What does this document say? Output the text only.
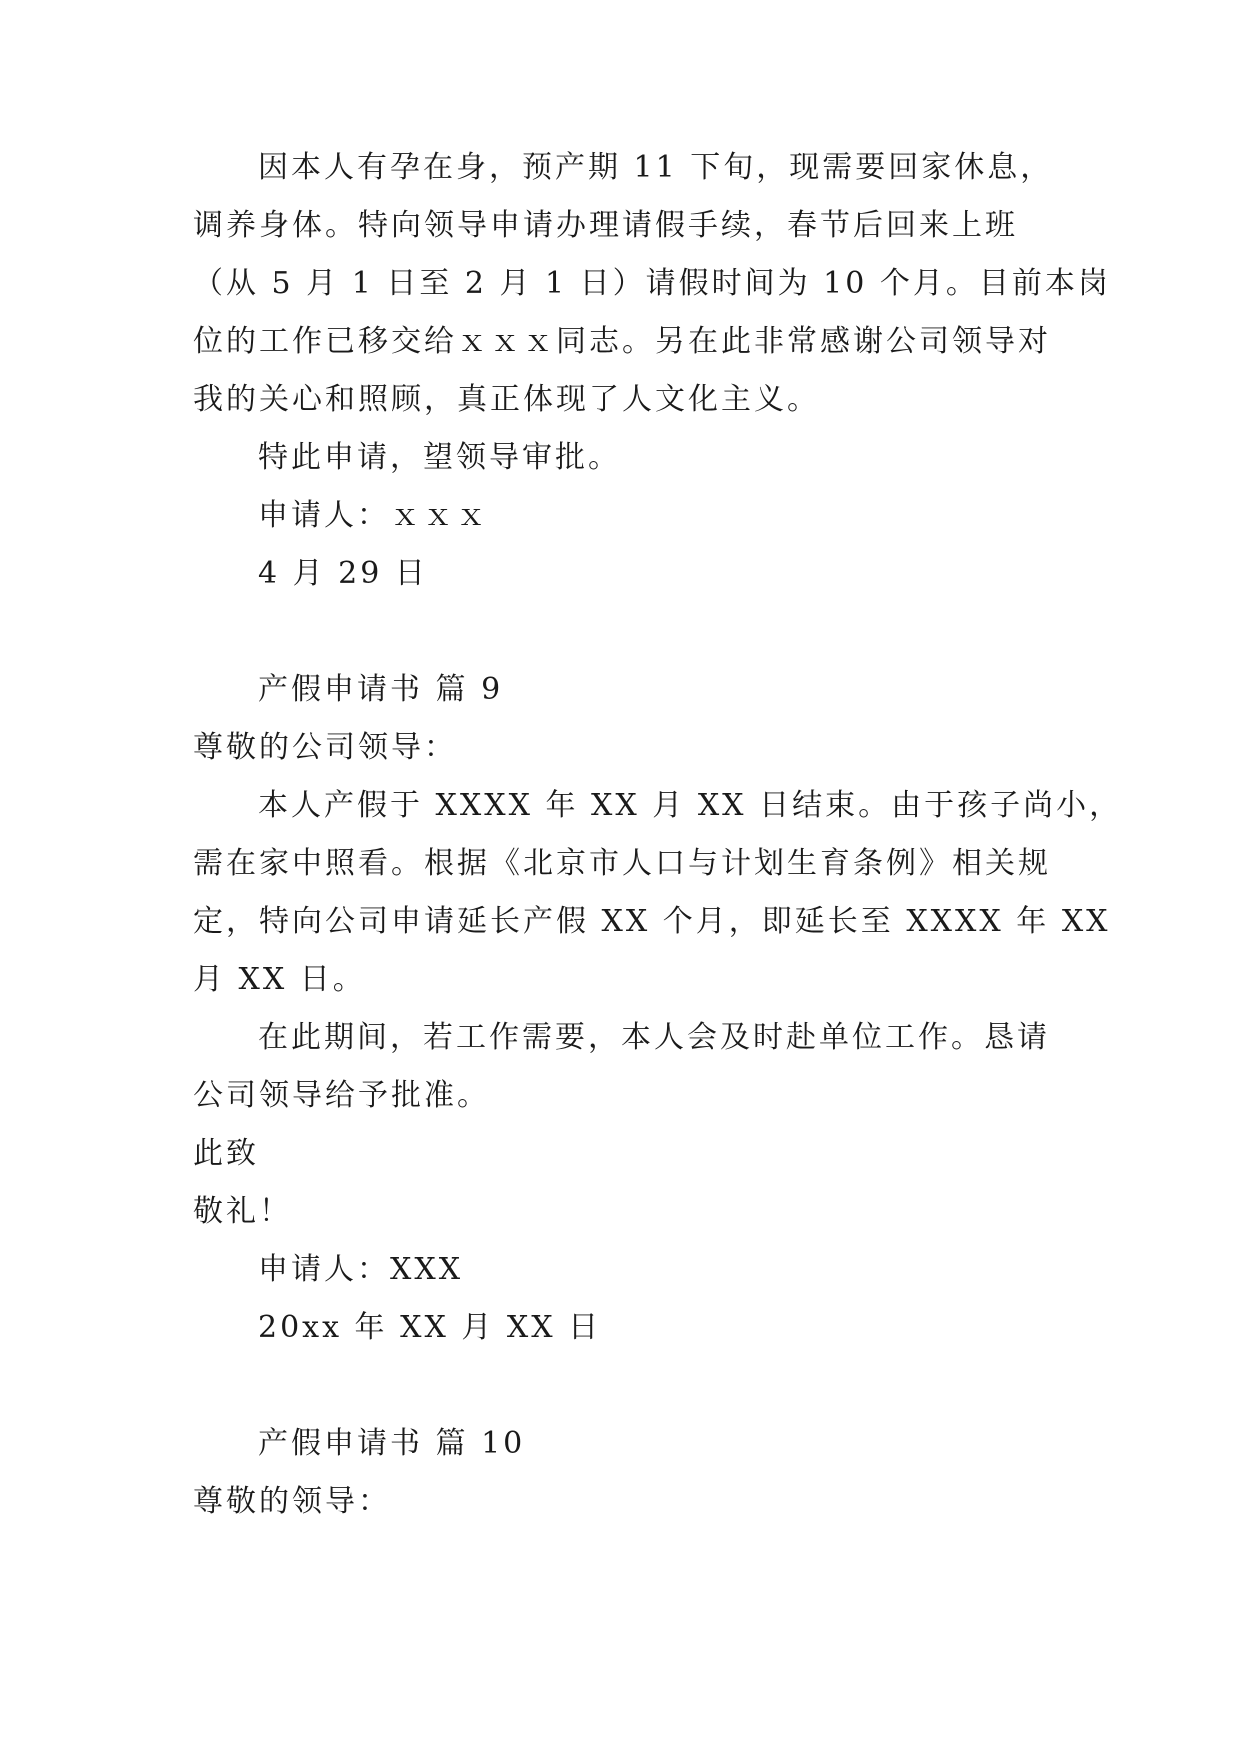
因本人有孕在身，预产期 11 下旬，现需要回家休息，
调养身体。特向领导申请办理请假手续，春节后回来上班
（从 5 月 1 日至 2 月 1 日）请假时间为 10 个月。目前本岗
位的工作已移交给ｘｘｘ同志。另在此非常感谢公司领导对
我的关心和照顾，真正体现了人文化主义。
特此申请，望领导审批。
申请人：ｘｘｘ
4 月 29 日
产假申请书 篇 9
尊敬的公司领导：
本人产假于 XXXX 年 XX 月 XX 日结束。由于孩子尚小，
需在家中照看。根据《北京市人口与计划生育条例》相关规
定，特向公司申请延长产假 XX 个月，即延长至 XXXX 年 XX
月 XX 日。
在此期间，若工作需要，本人会及时赴单位工作。恳请
公司领导给予批准。
此致
敬礼！
申请人：XXX
20xx 年 XX 月 XX 日
产假申请书 篇 10
尊敬的领导：
